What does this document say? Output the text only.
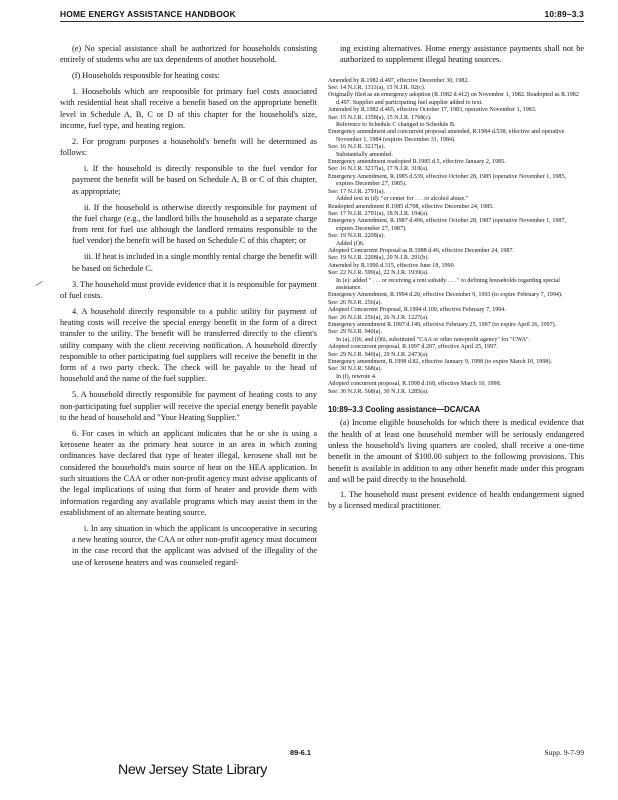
HOME ENERGY ASSISTANCE HANDBOOK	10:89–3.3

(e) No special assistance shall be authorized for households consisting entirely of students who are tax dependents of another household.

(f) Households responsible for heating costs:

1. Households which are responsible for primary fuel costs associated with residential heat shall receive a benefit based on the appropriate benefit level in Schedule A, B, C or D of this chapter for the household's size, income, fuel type, and heating region.

2. For program purposes a household's benefit will be determined as follows:

i. If the household is directly responsible to the fuel vendor for payment the benefit will be based on Schedule A, B or C of this chapter, as appropriate;

ii. If the household is otherwise directly responsible for payment of the fuel charge (e.g., the landlord bills the household as a separate charge from rent for fuel use although the landlord remains responsible to the fuel vendor) the benefit will be based on Schedule C of this chapter; or

iii. If heat is included in a single monthly rental charge the benefit will be based on Schedule C.

3. The household must provide evidence that it is responsible for payment of fuel costs.

4. A household directly responsible to a public utility for payment of heating costs will receive the special energy benefit in the form of a direct transfer to the utility. The benefit will be transferred directly to the client's utility company with the client receiving notification. A household directly responsible to other participating fuel suppliers will receive the benefit in the form of a two party check. The check will be payable to the head of household and the name of the fuel supplier.

5. A household directly responsible for payment of heating costs to any non-participating fuel supplier will receive the special energy benefit payable to the head of household and "Your Heating Supplier."

6. For cases in which an applicant indicates that he or she is using a kerosene heater as the primary heat source in an area in which zoning ordinances have declared that type of heater illegal, kerosene shall not be considered the household's main source of heat on the HEA application. In such situations the CAA or other non-profit agency must advise applicants of the legal implications of using that form of heater and provide them with information regarding any available programs which may assist them in the establishment of an alternate heating source.

i. In any situation in which the applicant is uncooperative in securing a new heating source, the CAA or other non-profit agency must document in the case record that the applicant was advised of the illegality of the use of kerosene heaters and was counseled regard-

ing existing alternatives. Home energy assistance payments shall not be authorized to supplement illegal heating sources.

Amended by R.1982 d.497, effective December 30, 1982.
See: 14 N.J.R. 1311(a), 15 N.J.R. 92(c).
Originally filed as an emergency adoption (R.1982 d.412) on November 1, 1982. Readopted as R.1982 d.497. Supplier and participating fuel supplier added to text.
Amended by R.1982 d.465, effective October 17, 1983, operative November 1, 1983.
See: 15 N.J.R. 1358(a), 15 N.J.R. 1768(c).
Reference to Schedule C changed to Schedule B.
Emergency amendment and concurrent proposal amended, R.1984 d.538, effective and operative November 1, 1984 (expires December 31, 1984).
See: 16 N.J.R. 3217(a).
Substantially amended.
Emergency amendment readopted R.1985 d.5, effective January 2, 1985.
See: 16 N.J.R. 3217(a), 17 N.J.R. 310(a).
Emergency Amendment, R.1985 d.539, effective October 28, 1985 (operative November 1, 1985, expires December 27, 1985).
See: 17 N.J.R. 2791(a).
Added text in (d): "or center for . . . or alcohol abuse."
Readopted amendment R.1985 d.708, effective December 24, 1985.
See: 17 N.J.R. 2791(a), 18 N.J.R. 194(a).
Emergency Amendment, R.1987 d.496, effective October 28, 1987 (operative November 1, 1987, expires December 27, 1987).
See: 19 N.J.R. 2208(a).
Added (f)6.
Adopted Concurrent Proposal as R.1988 d.46, effective December 24, 1987.
See: 19 N.J.R. 2208(a), 20 N.J.R. 291(b).
Amended by R.1990 d.315, effective June 18, 1990.
See: 22 N.J.R. 599(a), 22 N.J.R. 1939(a).
In (e): added " . . . or receiving a rent subsidy . . . " to defining households regarding special assistance.
Emergency Amendment, R.1994 d.20, effective December 9, 1993 (to expire February 7, 1994).
See: 26 N.J.R. 256(a).
Adopted Concurrent Proposal, R.1994 d.109, effective February 7, 1994.
See: 26 N.J.R. 256(a), 26 N.J.R. 1227(a).
Emergency amendment R.1997 d.149, effective February 25, 1997 (to expire April 26, 1997).
See: 29 N.J.R. 940(a).
In (a), (f)6, and (f)6i, substituted "CAA or other non-profit agency" for "CWA".
Adopted concurrent proposal, R.1997 d.207, effective April 25, 1997.
See: 29 N.J.R. 940(a), 29 N.J.R. 2473(a).
Emergency amendment, R.1998 d.82, effective January 9, 1998 (to expire March 10, 1998).
See: 30 N.J.R. 568(a).
In (f), rewrote 4.
Adopted concurrent proposal, R.1998 d.168, effective March 10, 1998.
See: 30 N.J.R. 568(a), 30 N.J.R. 1285(a).
10:89–3.3 Cooling assistance—DCA/CAA

(a) Income eligible households for which there is medical evidence that the health of at least one household member will be seriously endangered unless the household's living quarters are cooled, shall receive a one-time benefit in the amount of $100.00 subject to the following provisions. This benefit is available in addition to any other benefit made under this program and will be paid directly to the household.

1. The household must present evidence of health endangerment signed by a licensed medical practitioner.

89-6.1	Supp. 9-7-99
New Jersey State Library
